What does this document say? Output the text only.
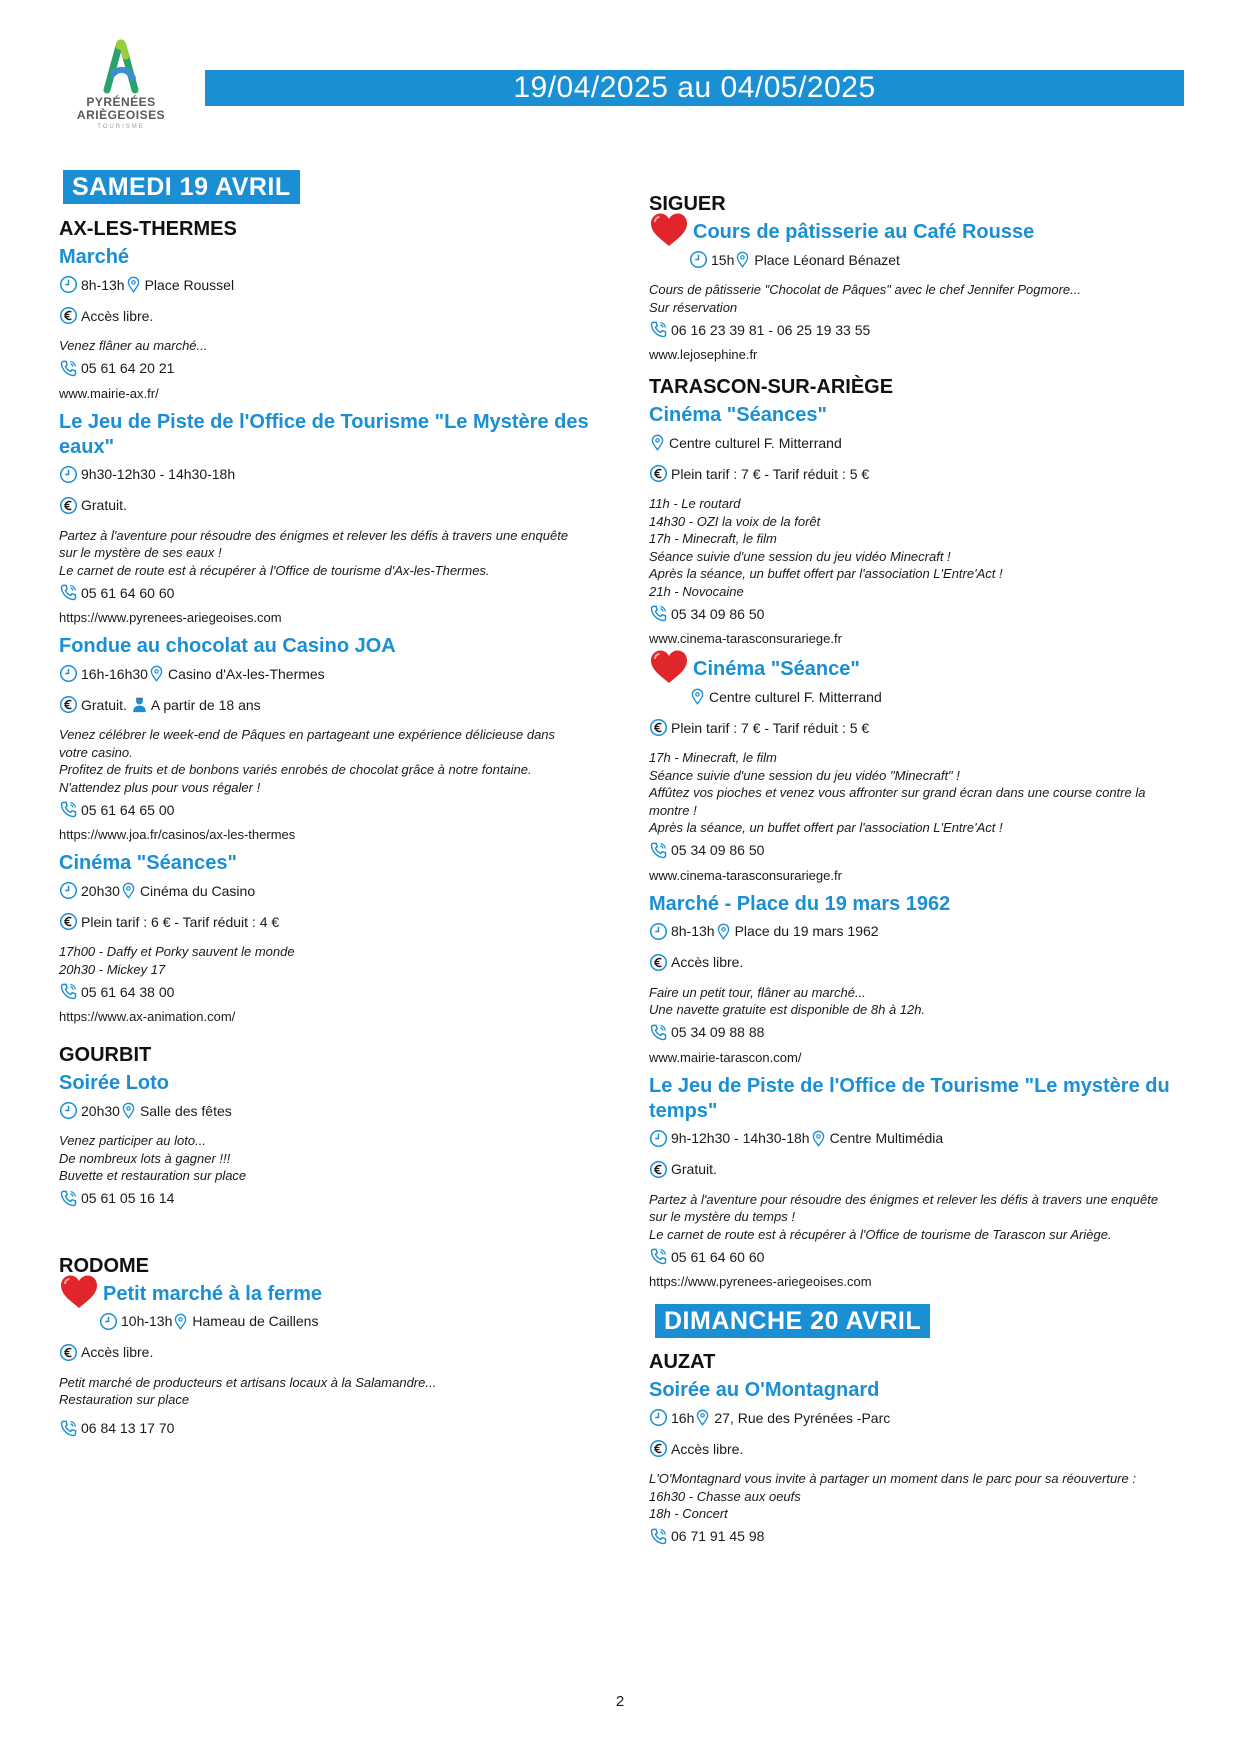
PYRÉNÉES
ARIÈGEOISES
TOURISME
19/04/2025 au 04/05/2025
SAMEDI 19 AVRIL
AX-LES-THERMES
Marché
8h-13h Place Roussel
Accès libre.
Venez flâner au marché...
05 61 64 20 21
www.mairie-ax.fr/
Le Jeu de Piste de l'Office de Tourisme "Le Mystère des eaux"
9h30-12h30 - 14h30-18h
Gratuit.
Partez à l'aventure pour résoudre des énigmes et relever les défis à travers une enquête
sur le mystère de ses eaux !
Le carnet de route est à récupérer à l'Office de tourisme d'Ax-les-Thermes.
05 61 64 60 60
https://www.pyrenees-ariegeoises.com
Fondue au chocolat au Casino JOA
16h-16h30 Casino d'Ax-les-Thermes
Gratuit. A partir de 18 ans
Venez célébrer le week-end de Pâques en partageant une expérience délicieuse dans
votre casino.
Profitez de fruits et de bonbons variés enrobés de chocolat grâce à notre fontaine.
N'attendez plus pour vous régaler !
05 61 64 65 00
https://www.joa.fr/casinos/ax-les-thermes
Cinéma "Séances"
20h30 Cinéma du Casino
Plein tarif : 6 € - Tarif réduit : 4 €
17h00 - Daffy et Porky sauvent le monde
20h30 - Mickey 17
05 61 64 38 00
https://www.ax-animation.com/
GOURBIT
Soirée Loto
20h30 Salle des fêtes
Venez participer au loto...
De nombreux lots à gagner !!!
Buvette et restauration sur place
05 61 05 16 14
RODOME
Petit marché à la ferme
10h-13h Hameau de Caillens
Accès libre.
Petit marché de producteurs et artisans locaux à la Salamandre...
Restauration sur place
06 84 13 17 70
SIGUER
Cours de pâtisserie au Café Rousse
15h Place Léonard Bénazet
Cours de pâtisserie "Chocolat de Pâques" avec le chef Jennifer Pogmore...
Sur réservation
06 16 23 39 81 - 06 25 19 33 55
www.lejosephine.fr
TARASCON-SUR-ARIÈGE
Cinéma "Séances"
Centre culturel F. Mitterrand
Plein tarif : 7 € - Tarif réduit : 5 €
11h - Le routard
14h30 - OZI la voix de la forêt
17h - Minecraft, le film
Séance suivie d'une session du jeu vidéo Minecraft !
Après la séance, un buffet offert par l'association L'Entre'Act !
21h - Novocaine
05 34 09 86 50
www.cinema-tarasconsurariege.fr
Cinéma "Séance"
Centre culturel F. Mitterrand
Plein tarif : 7 € - Tarif réduit : 5 €
17h - Minecraft, le film
Séance suivie d'une session du jeu vidéo "Minecraft" !
Affûtez vos pioches et venez vous affronter sur grand écran dans une course contre la
montre !
Après la séance, un buffet offert par l'association L'Entre'Act !
05 34 09 86 50
www.cinema-tarasconsurariege.fr
Marché - Place du 19 mars 1962
8h-13h Place du 19 mars 1962
Accès libre.
Faire un petit tour, flâner au marché...
Une navette gratuite est disponible de 8h à 12h.
05 34 09 88 88
www.mairie-tarascon.com/
Le Jeu de Piste de l'Office de Tourisme "Le mystère du temps"
9h-12h30 - 14h30-18h Centre Multimédia
Gratuit.
Partez à l'aventure pour résoudre des énigmes et relever les défis à travers une enquête
sur le mystère du temps !
Le carnet de route est à récupérer à l'Office de tourisme de Tarascon sur Ariège.
05 61 64 60 60
https://www.pyrenees-ariegeoises.com
DIMANCHE 20 AVRIL
AUZAT
Soirée au O'Montagnard
16h 27, Rue des Pyrénées -Parc
Accès libre.
L'O'Montagnard vous invite à partager un moment dans le parc pour sa réouverture :
16h30 - Chasse aux oeufs
18h - Concert
06 71 91 45 98
2
